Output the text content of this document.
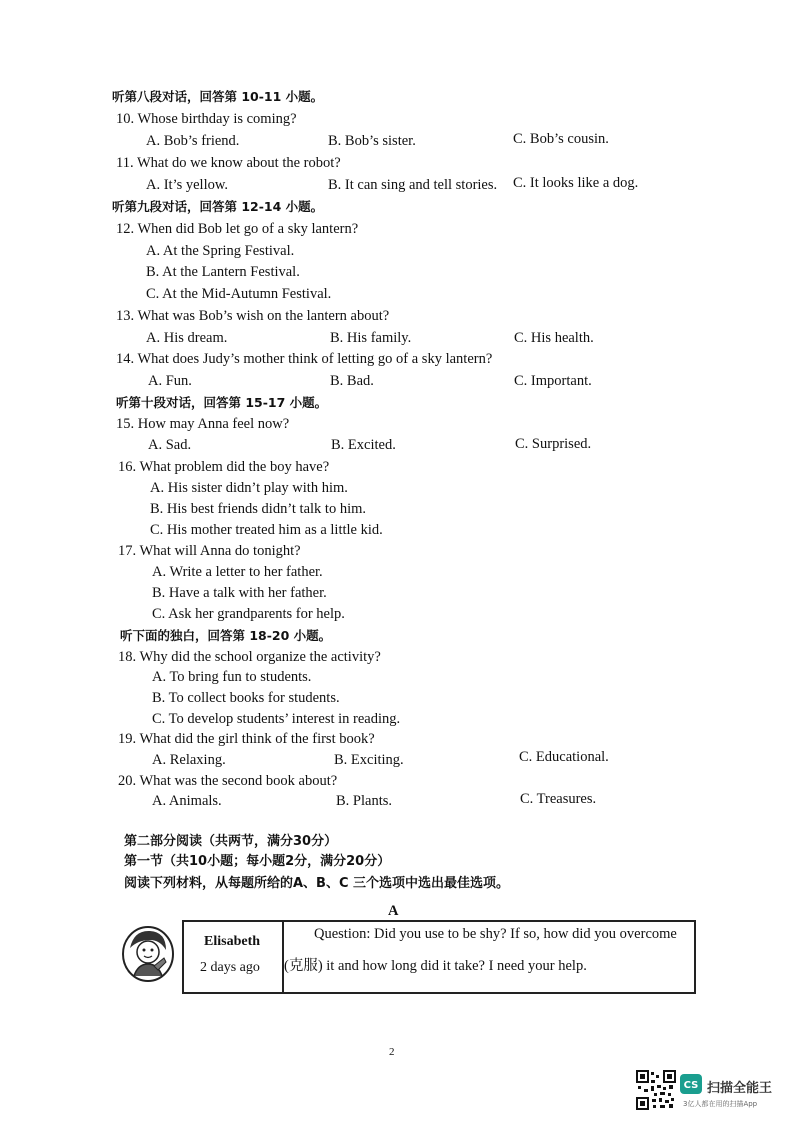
听第八段对话，回答第 10-11 小题。
10. Whose birthday is coming?
A. Bob’s friend.	B. Bob’s sister.	C. Bob’s cousin.
11. What do we know about the robot?
A. It’s yellow.	B. It can sing and tell stories. C. It looks like a dog.
听第九段对话，回答第 12-14 小题。
12. When did Bob let go of a sky lantern?
A. At the Spring Festival.
B. At the Lantern Festival.
C. At the Mid-Autumn Festival.
13. What was Bob’s wish on the lantern about?
A. His dream.	B. His family.	C. His health.
14. What does Judy’s mother think of letting go of a sky lantern?
A. Fun.	B. Bad.	C. Important.
听第十段对话，回答第 15-17 小题。
15. How may Anna feel now?
A. Sad.	B. Excited.	C. Surprised.
16. What problem did the boy have?
A. His sister didn’t play with him.
B. His best friends didn’t talk to him.
C. His mother treated him as a little kid.
17. What will Anna do tonight?
A. Write a letter to her father.
B. Have a talk with her father.
C. Ask her grandparents for help.
听下面的独白，回答第 18-20 小题。
18. Why did the school organize the activity?
A. To bring fun to students.
B. To collect books for students.
C. To develop students’ interest in reading.
19. What did the girl think of the first book?
A. Relaxing.	B. Exciting.	C. Educational.
20. What was the second book about?
A. Animals.	B. Plants.	C. Treasures.
第二部分阅读（共两节，满分30分）
第一节（共10小题；每小题2分，满分20分）
阅读下列材料，从每题所给的A、B、C 三个选项中选出最佳选项。
A
Elisabeth
2 days ago
Question: Did you use to be shy? If so, how did you overcome
(克服) it and how long did it take? I need your help.
2
CS 扫描全能王
3亿人都在用的扫描App
